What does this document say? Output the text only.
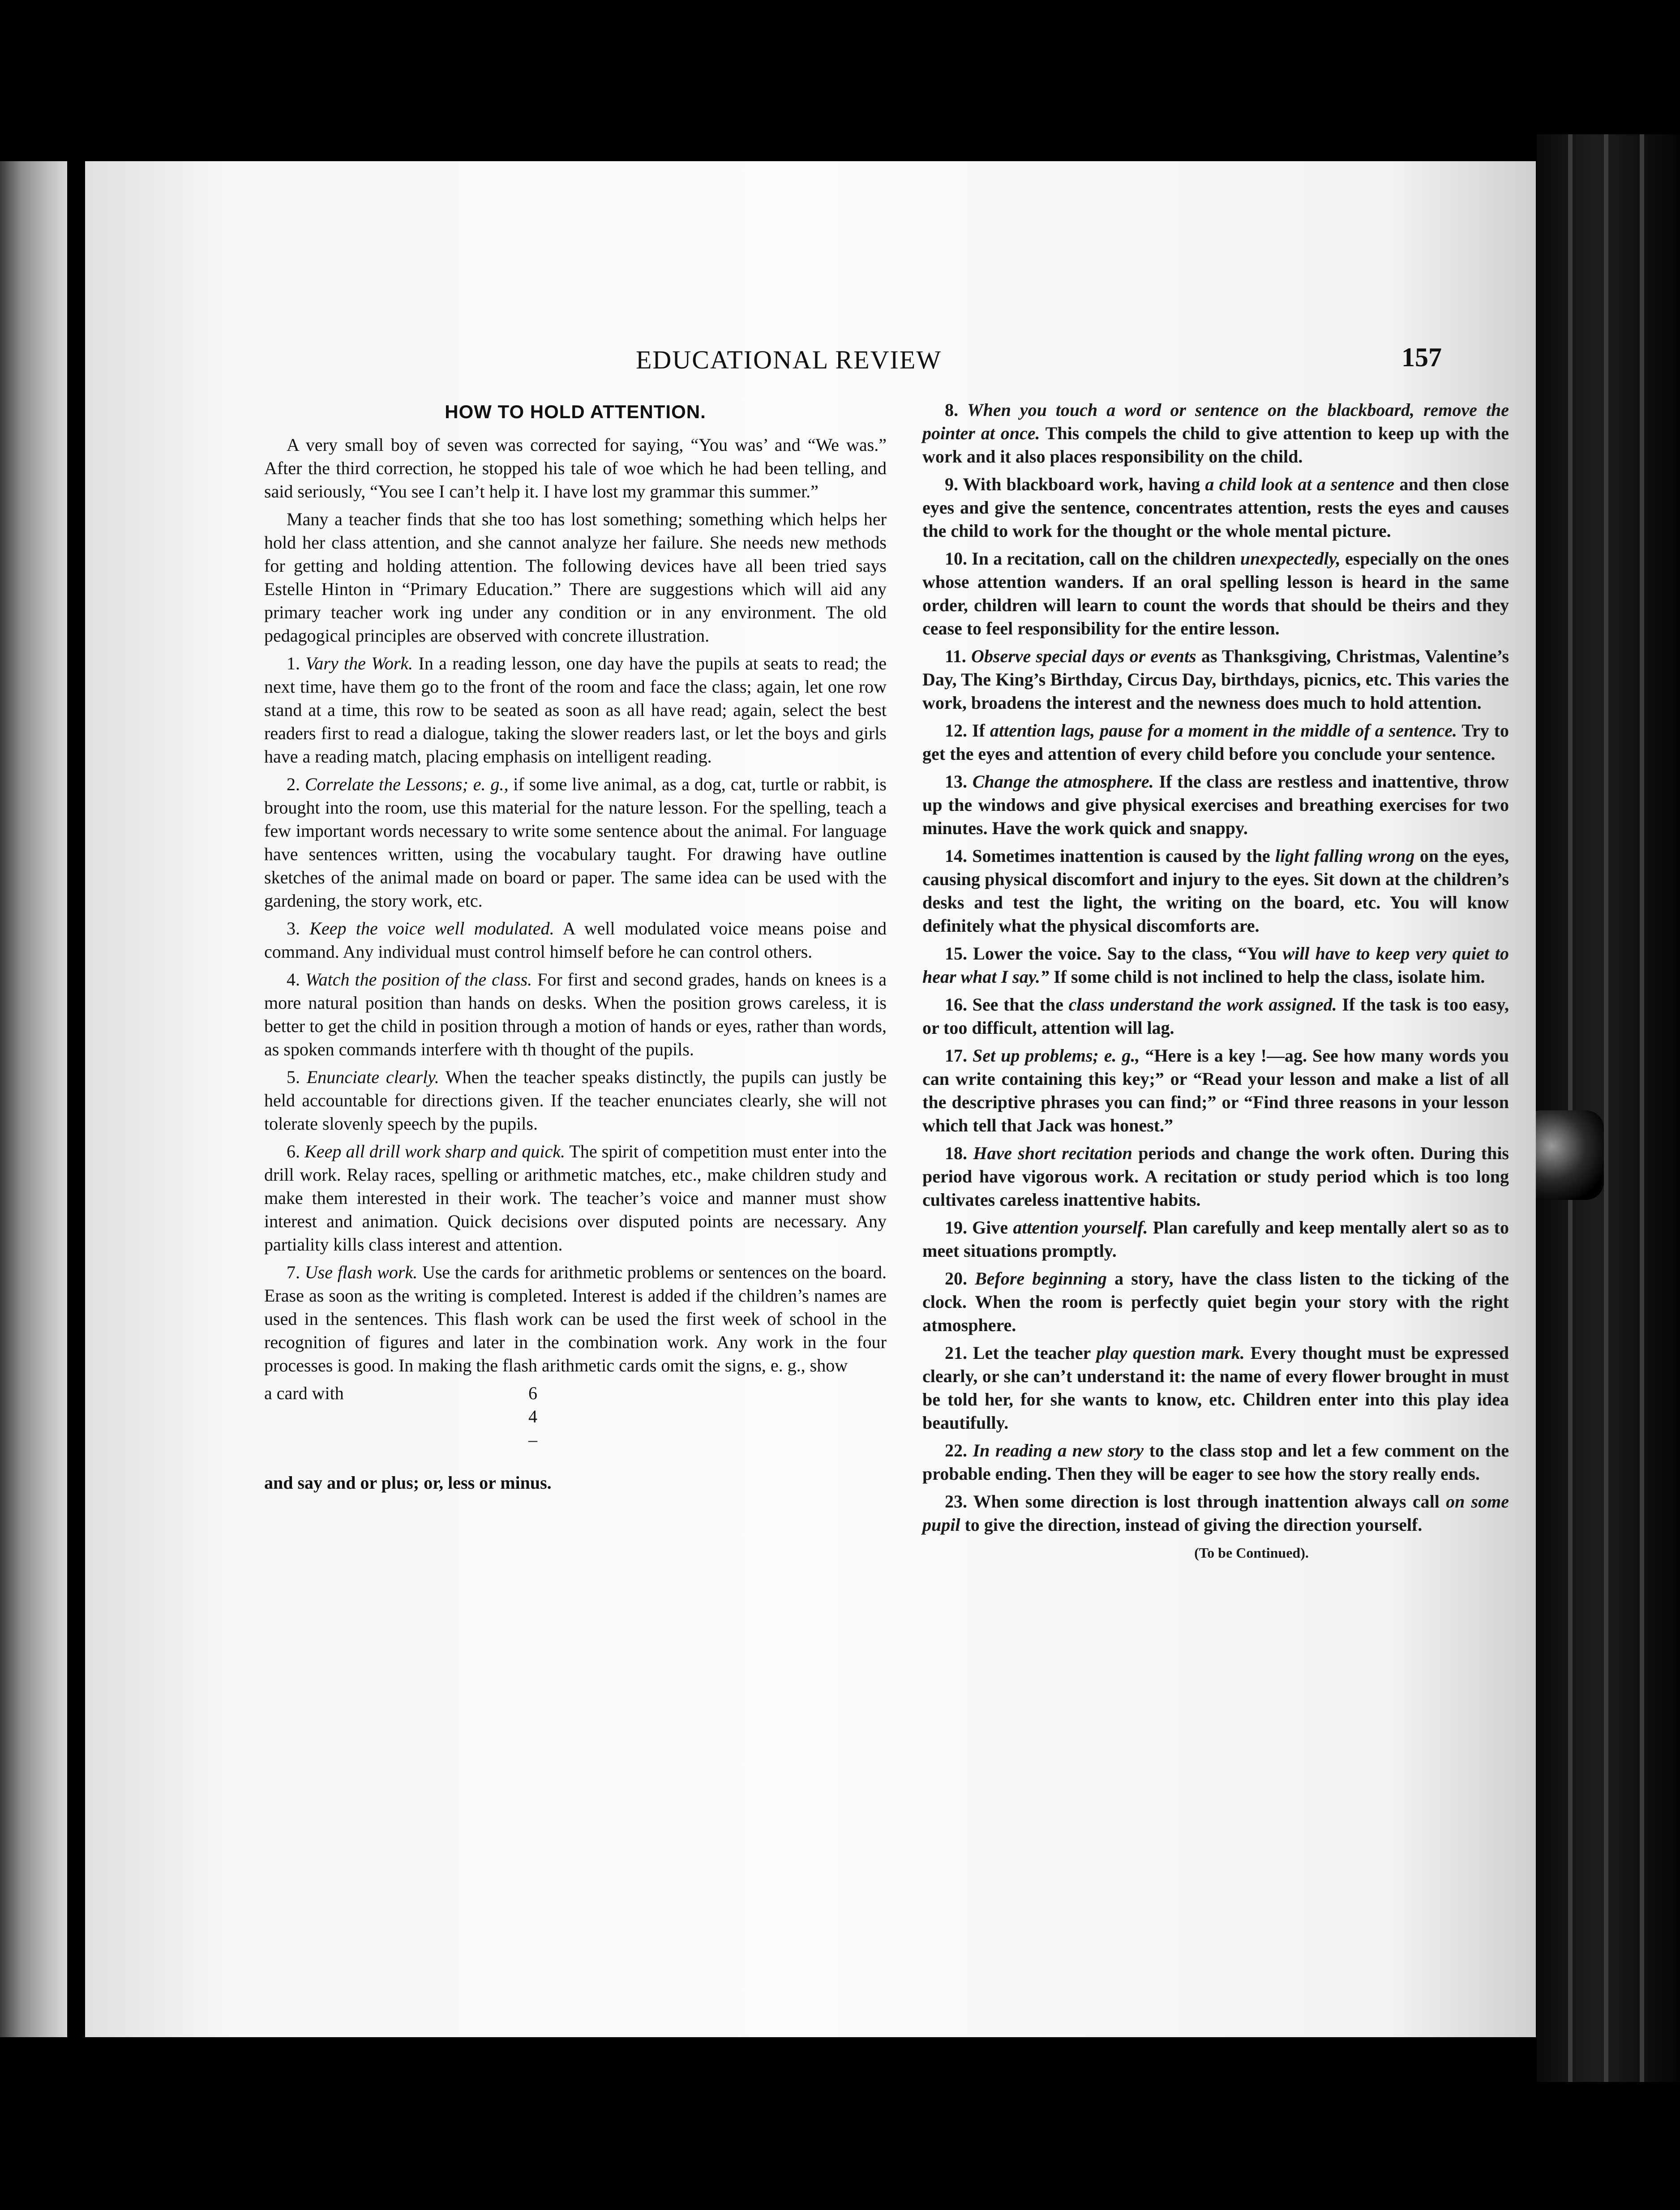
EDUCATIONAL REVIEW	157
HOW TO HOLD ATTENTION.

A very small boy of seven was corrected for saying, “You was’ and “We was.” After the third correction, he stopped his tale of woe which he had been telling, and said seriously, “You see I can’t help it. I have lost my grammar this summer.”

Many a teacher finds that she too has lost something; something which helps her hold her class attention, and she cannot analyze her failure. She needs new methods for getting and holding attention. The following devices have all been tried says Estelle Hinton in “Primary Education.” There are suggestions which will aid any primary teacher work ing under any condition or in any environment. The old pedagogical principles are observed with concrete illustration.

1. Vary the Work. In a reading lesson, one day have the pupils at seats to read; the next time, have them go to the front of the room and face the class; again, let one row stand at a time, this row to be seated as soon as all have read; again, select the best readers first to read a dialogue, taking the slower readers last, or let the boys and girls have a reading match, placing emphasis on intelligent reading.

2. Correlate the Lessons; e. g., if some live animal, as a dog, cat, turtle or rabbit, is brought into the room, use this material for the nature lesson. For the spelling, teach a few important words necessary to write some sentence about the animal. For language have sentences written, using the vocabulary taught. For drawing have outline sketches of the animal made on board or paper. The same idea can be used with the gardening, the story work, etc.

3. Keep the voice well modulated. A well modulated voice means poise and command. Any individual must control himself before he can control others.

4. Watch the position of the class. For first and second grades, hands on knees is a more natural position than hands on desks. When the position grows careless, it is better to get the child in position through a motion of hands or eyes, rather than words, as spoken commands interfere with th thought of the pupils.

5. Enunciate clearly. When the teacher speaks distinctly, the pupils can justly be held accountable for directions given. If the teacher enunciates clearly, she will not tolerate slovenly speech by the pupils.

6. Keep all drill work sharp and quick. The spirit of competition must enter into the drill work. Relay races, spelling or arithmetic matches, etc., make children study and make them interested in their work. The teacher’s voice and manner must show interest and animation. Quick decisions over disputed points are necessary. Any partiality kills class interest and attention.

7. Use flash work. Use the cards for arithmetic problems or sentences on the board. Erase as soon as the writing is completed. Interest is added if the children’s names are used in the sentences. This flash work can be used the first week of school in the recognition of figures and later in the combination work. Any work in the four processes is good. In making the flash arithmetic cards omit the signs, e. g., show

a card with	6
4
–

and say and or plus; or, less or minus.

8. When you touch a word or sentence on the blackboard, remove the pointer at once. This compels the child to give attention to keep up with the work and it also places responsibility on the child.

9. With blackboard work, having a child look at a sentence and then close eyes and give the sentence, concentrates attention, rests the eyes and causes the child to work for the thought or the whole mental picture.

10. In a recitation, call on the children unexpectedly, especially on the ones whose attention wanders. If an oral spelling lesson is heard in the same order, children will learn to count the words that should be theirs and they cease to feel responsibility for the entire lesson.

11. Observe special days or events as Thanksgiving, Christmas, Valentine’s Day, The King’s Birthday, Circus Day, birthdays, picnics, etc. This varies the work, broadens the interest and the newness does much to hold attention.

12. If attention lags, pause for a moment in the middle of a sentence. Try to get the eyes and attention of every child before you conclude your sentence.

13. Change the atmosphere. If the class are restless and inattentive, throw up the windows and give physical exercises and breathing exercises for two minutes. Have the work quick and snappy.

14. Sometimes inattention is caused by the light falling wrong on the eyes, causing physical discomfort and injury to the eyes. Sit down at the children’s desks and test the light, the writing on the board, etc. You will know definitely what the physical discomforts are.

15. Lower the voice. Say to the class, “You will have to keep very quiet to hear what I say.” If some child is not inclined to help the class, isolate him.

16. See that the class understand the work assigned. If the task is too easy, or too difficult, attention will lag.

17. Set up problems; e. g., “Here is a key !—ag. See how many words you can write containing this key;” or “Read your lesson and make a list of all the descriptive phrases you can find;” or “Find three reasons in your lesson which tell that Jack was honest.”

18. Have short recitation periods and change the work often. During this period have vigorous work. A recitation or study period which is too long cultivates careless inattentive habits.

19. Give attention yourself. Plan carefully and keep mentally alert so as to meet situations promptly.

20. Before beginning a story, have the class listen to the ticking of the clock. When the room is perfectly quiet begin your story with the right atmosphere.

21. Let the teacher play question mark. Every thought must be expressed clearly, or she can’t understand it: the name of every flower brought in must be told her, for she wants to know, etc. Children enter into this play idea beautifully.

22. In reading a new story to the class stop and let a few comment on the probable ending. Then they will be eager to see how the story really ends.

23. When some direction is lost through inattention always call on some pupil to give the direction, instead of giving the direction yourself.

(To be Continued).
